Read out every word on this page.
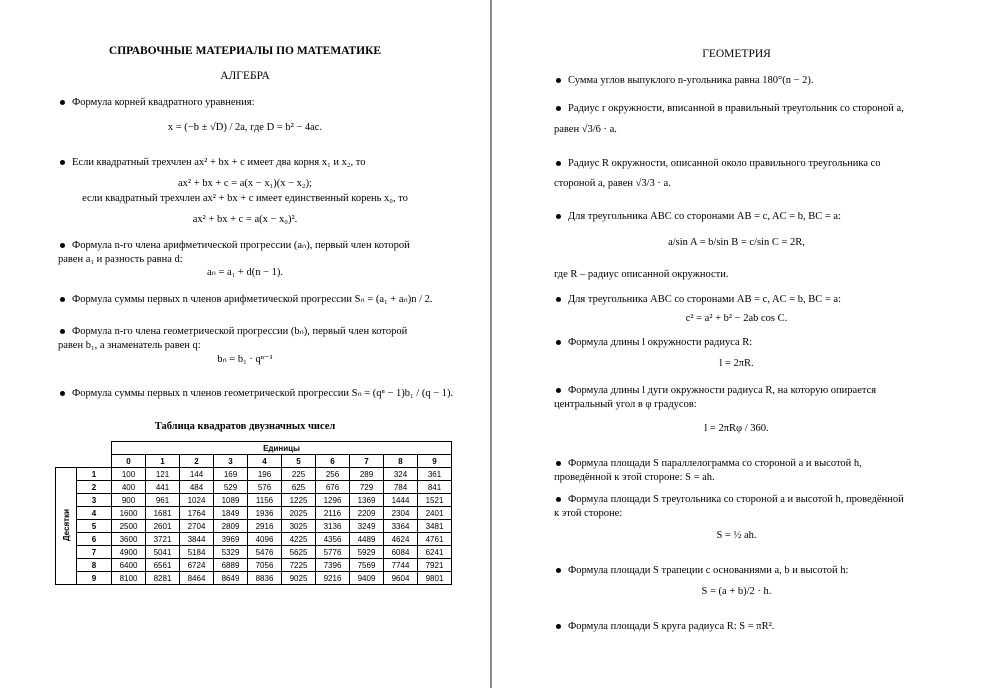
СПРАВОЧНЫЕ МАТЕРИАЛЫ ПО МАТЕМАТИКЕ
АЛГЕБРА
Формула корней квадратного уравнения:
x = (−b ± √D) / 2a, где D = b² − 4ac.
Если квадратный трехчлен ax² + bx + c имеет два корня x₁ и x₂, то
ax² + bx + c = a(x − x₁)(x − x₂);
если квадратный трехчлен ax² + bx + c имеет единственный корень x₀, то
ax² + bx + c = a(x − x₀)².
Формула n-го члена арифметической прогрессии (aₙ), первый член которой
равен a₁ и разность равна d:
aₙ = a₁ + d(n − 1).
Формула суммы первых n членов арифметической прогрессии Sₙ = (a₁ + aₙ)n / 2.
Формула n-го члена геометрической прогрессии (bₙ), первый член которой
равен b₁, а знаменатель равен q:
bₙ = b₁ · qⁿ⁻¹
Формула суммы первых n членов геометрической прогрессии Sₙ = (qⁿ − 1)b₁ / (q − 1).
Таблица квадратов двузначных чисел
		Единицы									
		0	1	2	3	4	5	6	7	8	9
Десятки	1	100	121	144	169	196	225	256	289	324	361
	2	400	441	484	529	576	625	676	729	784	841
	3	900	961	1024	1089	1156	1225	1296	1369	1444	1521
	4	1600	1681	1764	1849	1936	2025	2116	2209	2304	2401
	5	2500	2601	2704	2809	2916	3025	3136	3249	3364	3481
	6	3600	3721	3844	3969	4096	4225	4356	4489	4624	4761
	7	4900	5041	5184	5329	5476	5625	5776	5929	6084	6241
	8	6400	6561	6724	6889	7056	7225	7396	7569	7744	7921
	9	8100	8281	8464	8649	8836	9025	9216	9409	9604	9801
ГЕОМЕТРИЯ
Сумма углов выпуклого n-угольника равна 180°(n − 2).
Радиус r окружности, вписанной в правильный треугольник со стороной a,
равен √3/6 · a.
Радиус R окружности, описанной около правильного треугольника со
стороной a, равен √3/3 · a.
Для треугольника ABC со сторонами AB = c, AC = b, BC = a:
a/sin A = b/sin B = c/sin C = 2R,
где R – радиус описанной окружности.
Для треугольника ABC со сторонами AB = c, AC = b, BC = a:
c² = a² + b² − 2ab cos C.
Формула длины l окружности радиуса R:
l = 2πR.
Формула длины l дуги окружности радиуса R, на которую опирается
центральный угол в φ градусов:
l = 2πRφ / 360.
Формула площади S параллелограмма со стороной a и высотой h,
проведённой к этой стороне: S = ah.
Формула площади S треугольника со стороной a и высотой h, проведённой
к этой стороне:
S = ½ ah.
Формула площади S трапеции с основаниями a, b и высотой h:
S = (a + b)/2 · h.
Формула площади S круга радиуса R: S = πR².
